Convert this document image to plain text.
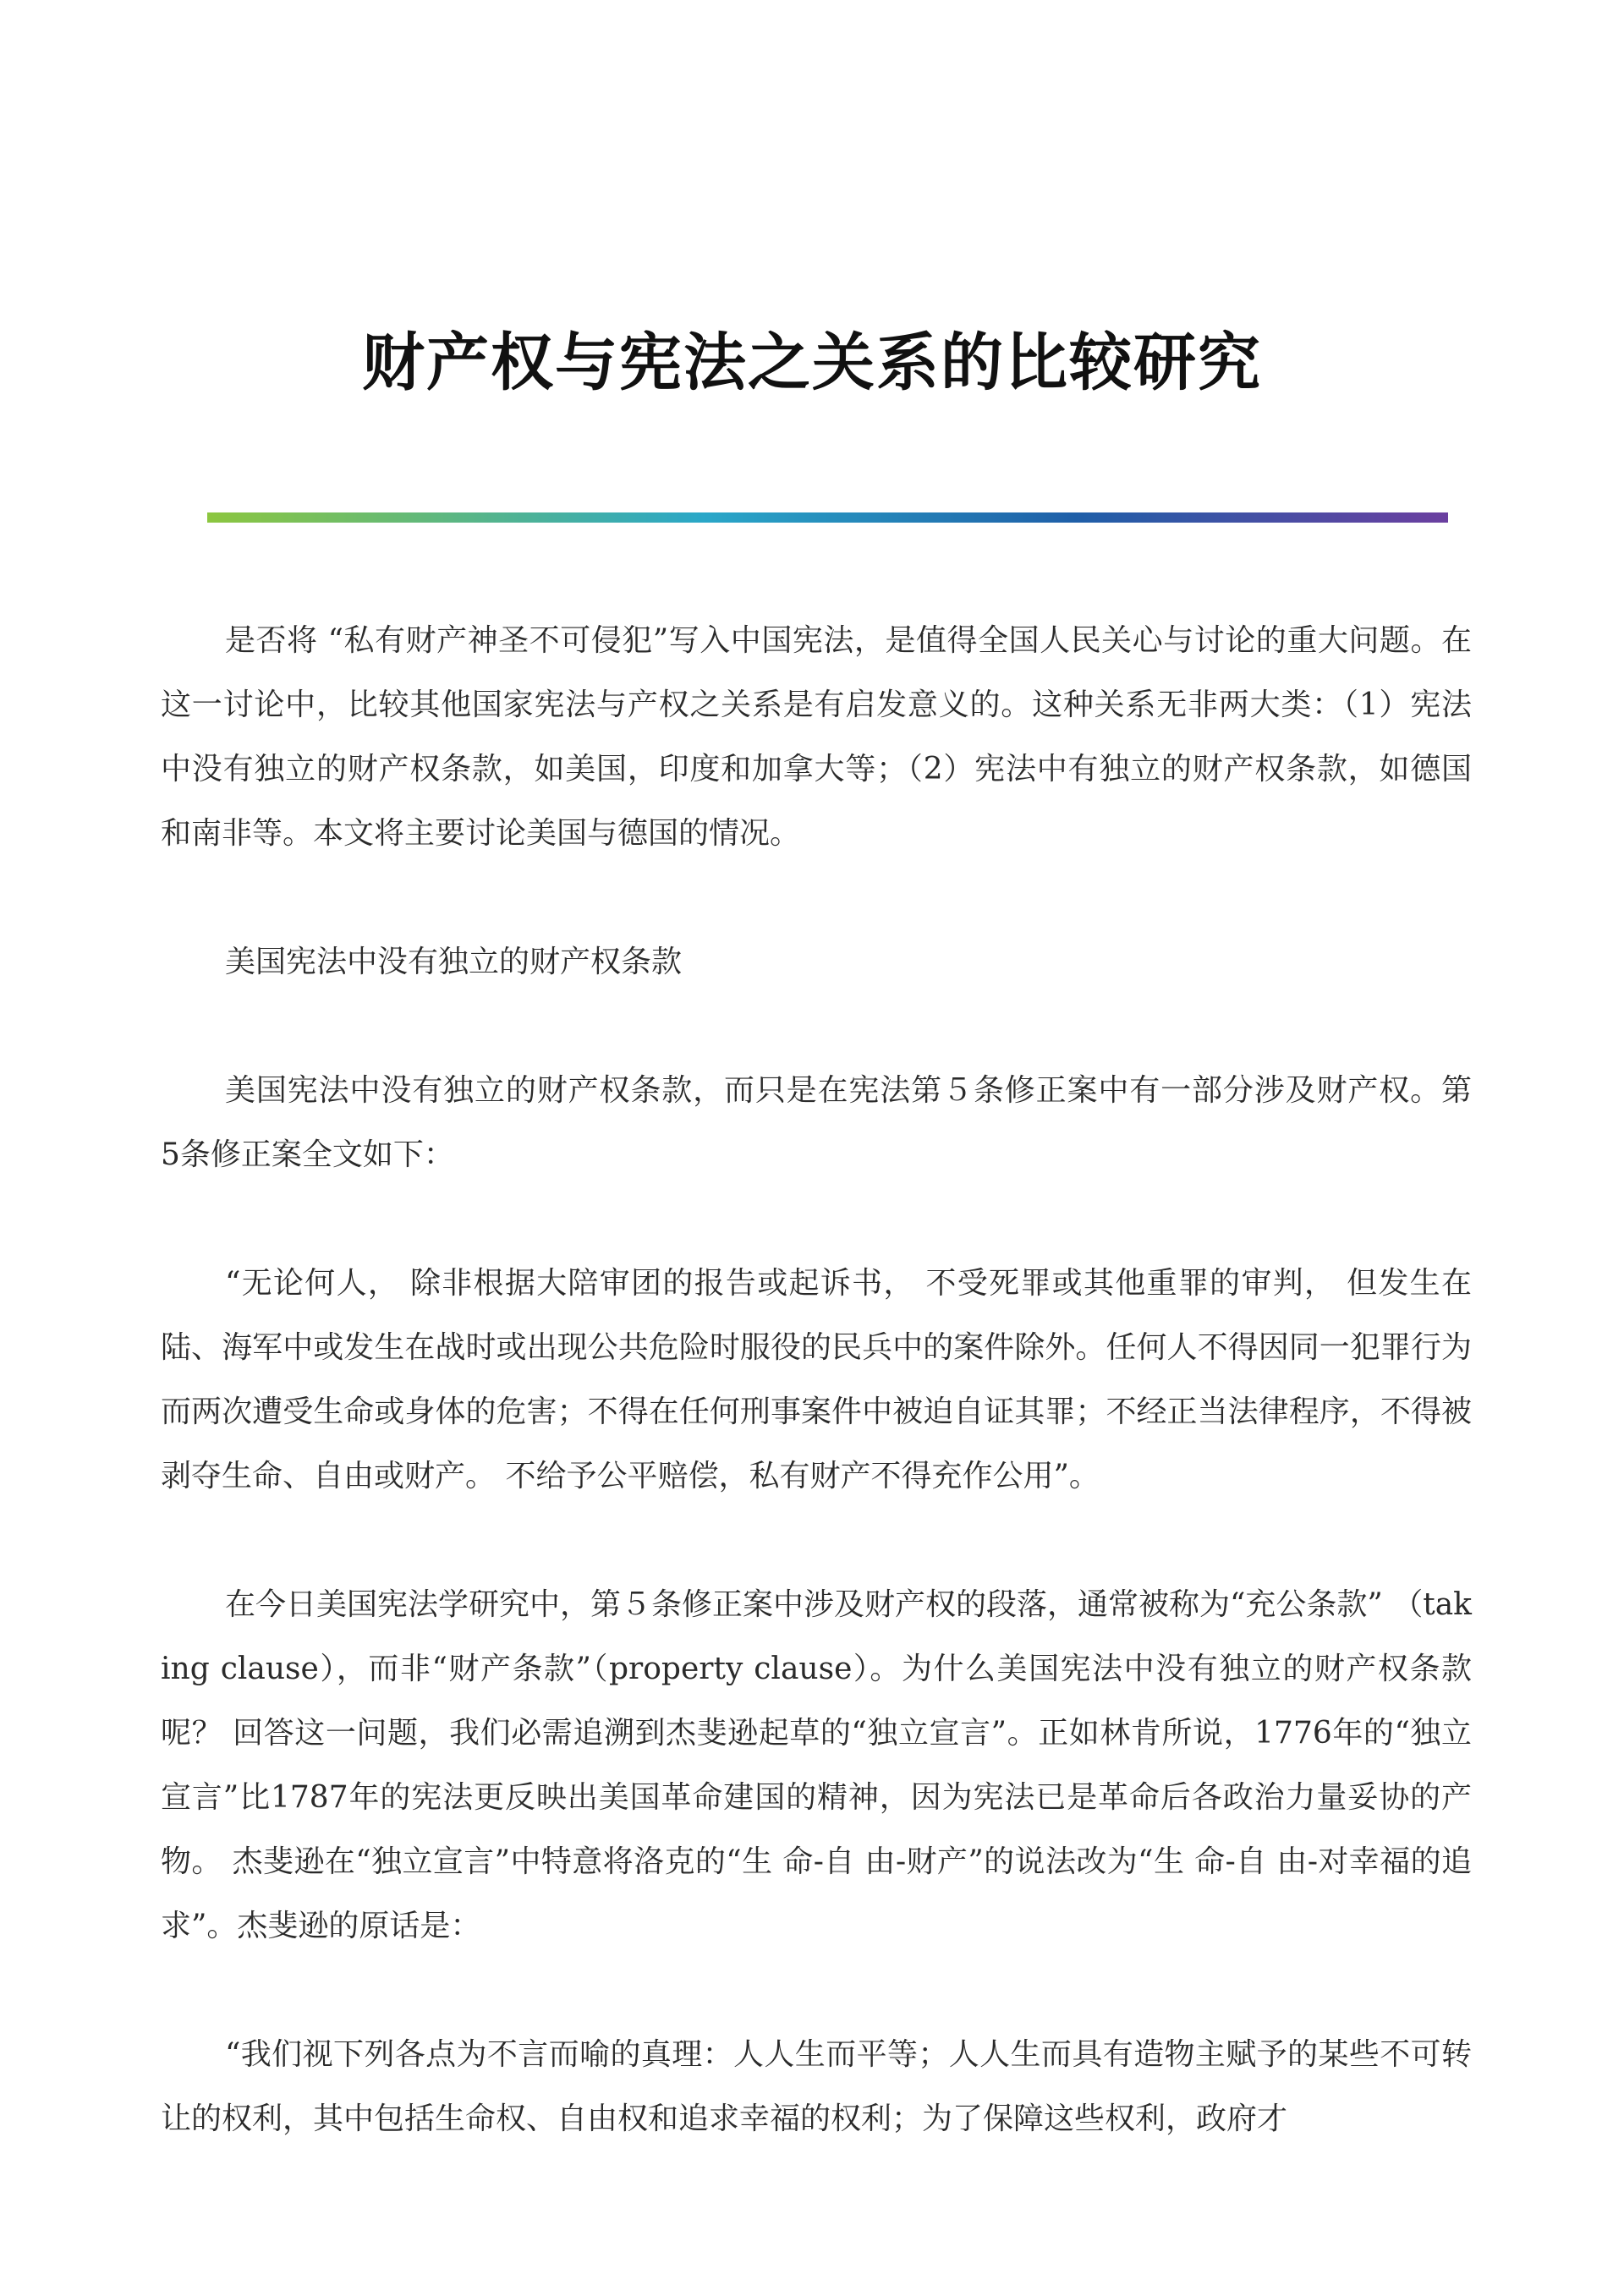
财产权与宪法之关系的比较研究

是否将 “私有财产神圣不可侵犯”写入中国宪法，是值得全国人民关心与讨论的重大问题。在这一讨论中，比较其他国家宪法与产权之关系是有启发意义的。这种关系无非两大类：（1）宪法中没有独立的财产权条款，如美国，印度和加拿大等；（2）宪法中有独立的财产权条款，如德国和南非等。本文将主要讨论美国与德国的情况。

美国宪法中没有独立的财产权条款

美国宪法中没有独立的财产权条款，而只是在宪法第５条修正案中有一部分涉及财产权。第 5条修正案全文如下：

“无论何人， 除非根据大陪审团的报告或起诉书， 不受死罪或其他重罪的审判， 但发生在陆、海军中或发生在战时或出现公共危险时服役的民兵中的案件除外。任何人不得因同一犯罪行为而两次遭受生命或身体的危害；不得在任何刑事案件中被迫自证其罪；不经正当法律程序，不得被剥夺生命、自由或财产。 不给予公平赔偿，私有财产不得充作公用”。

在今日美国宪法学研究中，第５条修正案中涉及财产权的段落，通常被称为“充公条款” （taking clause），而非“财产条款”（property clause）。为什么美国宪法中没有独立的财产权条款呢？ 回答这一问题，我们必需追溯到杰斐逊起草的“独立宣言”。正如林肯所说，1776年的“独立宣言”比1787年的宪法更反映出美国革命建国的精神，因为宪法已是革命后各政治力量妥协的产物。 杰斐逊在“独立宣言”中特意将洛克的“生 命-自 由-财产”的说法改为“生 命-自 由-对幸福的追求”。杰斐逊的原话是：

“我们视下列各点为不言而喻的真理：人人生而平等；人人生而具有造物主赋予的某些不可转让的权利，其中包括生命权、自由权和追求幸福的权利；为了保障这些权利，政府才
